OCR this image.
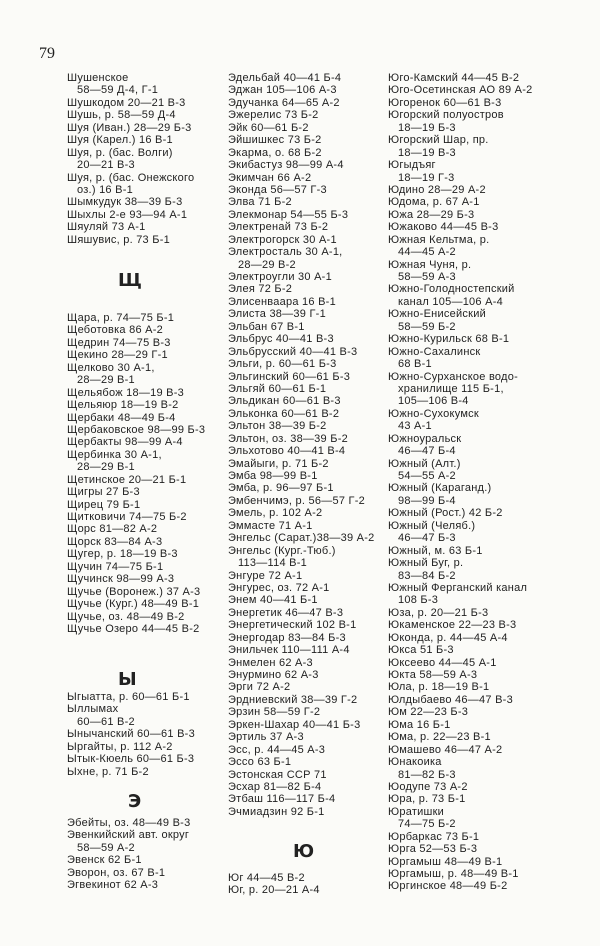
79
Шушенское
58—59 Д-4, Г-1
Шушкодом 20—21 В-3
Шушь, р. 58—59 Д-4
Шуя (Иван.) 28—29 Б-3
Шуя (Карел.) 16 В-1
Шуя, р. (бас. Волги)
20—21 В-3
Шуя, р. (бас. Онежского
оз.) 16 В-1
Шымкудук 38—39 Б-3
Шыхлы 2-е 93—94 А-1
Шяуляй 73 А-1
Шяшувис, р. 73 Б-1
Щ
Щара, р. 74—75 Б-1
Щеботовка 86 А-2
Щедрин 74—75 В-3
Щекино 28—29 Г-1
Щелково 30 А-1,
28—29 В-1
Щельябож 18—19 В-3
Щельяюр 18—19 В-2
Щербаки 48—49 Б-4
Щербаковское 98—99 Б-3
Щербакты 98—99 А-4
Щербинка 30 А-1,
28—29 В-1
Щетинское 20—21 Б-1
Щигры 27 Б-3
Щирец 79 Б-1
Щитковичи 74—75 Б-2
Щорс 81—82 А-2
Щорск 83—84 А-3
Щугер, р. 18—19 В-3
Щучин 74—75 Б-1
Щучинск 98—99 А-3
Щучье (Воронеж.) 37 А-3
Щучье (Кург.) 48—49 В-1
Щучье, оз. 48—49 В-2
Щучье Озеро 44—45 В-2
Ы
Ыгыатта, р. 60—61 Б-1
Ыллымах
60—61 В-2
Ынычанский 60—61 В-3
Ыргайты, р. 112 А-2
Ытык-Кюель 60—61 Б-3
Ыхне, р. 71 Б-2
Э
Эбейты, оз. 48—49 В-3
Эвенкийский авт. округ
58—59 А-2
Эвенск 62 Б-1
Эворон, оз. 67 В-1
Эгвекинот 62 А-3
Эдельбай 40—41 Б-4
Эджан 105—106 А-3
Эдучанка 64—65 А-2
Эжерелис 73 Б-2
Эйк 60—61 Б-2
Эйшишкес 73 Б-2
Экарма, о. 68 Б-2
Экибастуз 98—99 А-4
Экимчан 66 А-2
Эконда 56—57 Г-3
Элва 71 Б-2
Элекмонар 54—55 Б-3
Электренай 73 Б-2
Электрогорск 30 А-1
Электросталь 30 А-1,
28—29 В-2
Электроугли 30 А-1
Элея 72 Б-2
Элисенваара 16 В-1
Элиста 38—39 Г-1
Эльбан 67 В-1
Эльбрус 40—41 В-3
Эльбрусский 40—41 В-3
Эльги, р. 60—61 Б-3
Эльгинский 60—61 Б-3
Эльгяй 60—61 Б-1
Эльдикан 60—61 В-3
Эльконка 60—61 В-2
Эльтон 38—39 Б-2
Эльтон, оз. 38—39 Б-2
Эльхотово 40—41 В-4
Эмайыги, р. 71 Б-2
Эмба 98—99 В-1
Эмба, р. 96—97 Б-1
Эмбенчимэ, р. 56—57 Г-2
Эмель, р. 102 А-2
Эммасте 71 А-1
Энгельс (Сарат.)38—39 А-2
Энгельс (Кург.-Тюб.)
113—114 В-1
Энгуре 72 А-1
Энгурес, оз. 72 А-1
Энем 40—41 Б-1
Энергетик 46—47 В-3
Энергетический 102 В-1
Энергодар 83—84 Б-3
Энильчек 110—111 А-4
Энмелен 62 А-3
Энурмино 62 А-3
Эрги 72 А-2
Эрдниевский 38—39 Г-2
Эрзин 58—59 Г-2
Эркен-Шахар 40—41 Б-3
Эртиль 37 А-3
Эсс, р. 44—45 А-3
Эссо 63 Б-1
Эстонская ССР 71
Эсхар 81—82 Б-4
Этбаш 116—117 Б-4
Эчмиадзин 92 Б-1
Ю
Юг 44—45 В-2
Юг, р. 20—21 А-4
Юго-Камский 44—45 В-2
Юго-Осетинская АО 89 А-2
Югоренок 60—61 В-3
Югорский полуостров
18—19 Б-3
Югорский Шар, пр.
18—19 В-3
Югыдъяг
18—19 Г-3
Юдино 28—29 А-2
Юдома, р. 67 А-1
Южа 28—29 Б-3
Южаково 44—45 В-3
Южная Кельтма, р.
44—45 А-2
Южная Чуня, р.
58—59 А-3
Южно-Голодностепский
канал 105—106 А-4
Южно-Енисейский
58—59 Б-2
Южно-Курильск 68 В-1
Южно-Сахалинск
68 В-1
Южно-Сурханское водо-
хранилище 115 Б-1,
105—106 В-4
Южно-Сухокумск
43 А-1
Южноуральск
46—47 Б-4
Южный (Алт.)
54—55 А-2
Южный (Караганд.)
98—99 Б-4
Южный (Рост.) 42 Б-2
Южный (Челяб.)
46—47 Б-3
Южный, м. 63 Б-1
Южный Буг, р.
83—84 Б-2
Южный Ферганский канал
108 Б-3
Юза, р. 20—21 Б-3
Юкаменское 22—23 В-3
Юконда, р. 44—45 А-4
Юкса 51 Б-3
Юксеево 44—45 А-1
Юкта 58—59 А-3
Юла, р. 18—19 В-1
Юлдыбаево 46—47 В-3
Юм 22—23 Б-3
Юма 16 Б-1
Юма, р. 22—23 В-1
Юмашево 46—47 А-2
Юнакоика
81—82 Б-3
Юодупе 73 А-2
Юра, р. 73 Б-1
Юратишки
74—75 Б-2
Юрбаркас 73 Б-1
Юрга 52—53 Б-3
Юргамыш 48—49 В-1
Юргамыш, р. 48—49 В-1
Юргинское 48—49 Б-2
